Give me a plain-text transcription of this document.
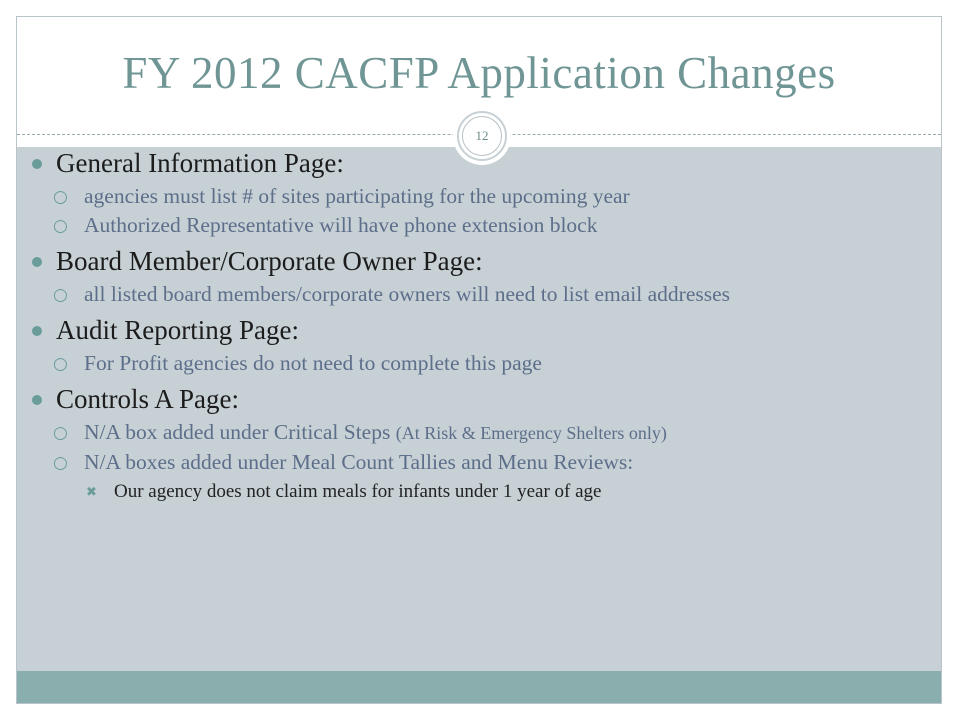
FY 2012 CACFP Application Changes
12
General Information Page:
○ agencies must list # of sites participating for the upcoming year
○ Authorized Representative will have phone extension block
Board Member/Corporate Owner Page:
○ all listed board members/corporate owners will need to list email addresses
Audit Reporting Page:
○ For Profit agencies do not need to complete this page
Controls A Page:
○ N/A box added under Critical Steps (At Risk & Emergency Shelters only)
○ N/A boxes added under Meal Count Tallies and Menu Reviews:
✖ Our agency does not claim meals for infants under 1 year of age
